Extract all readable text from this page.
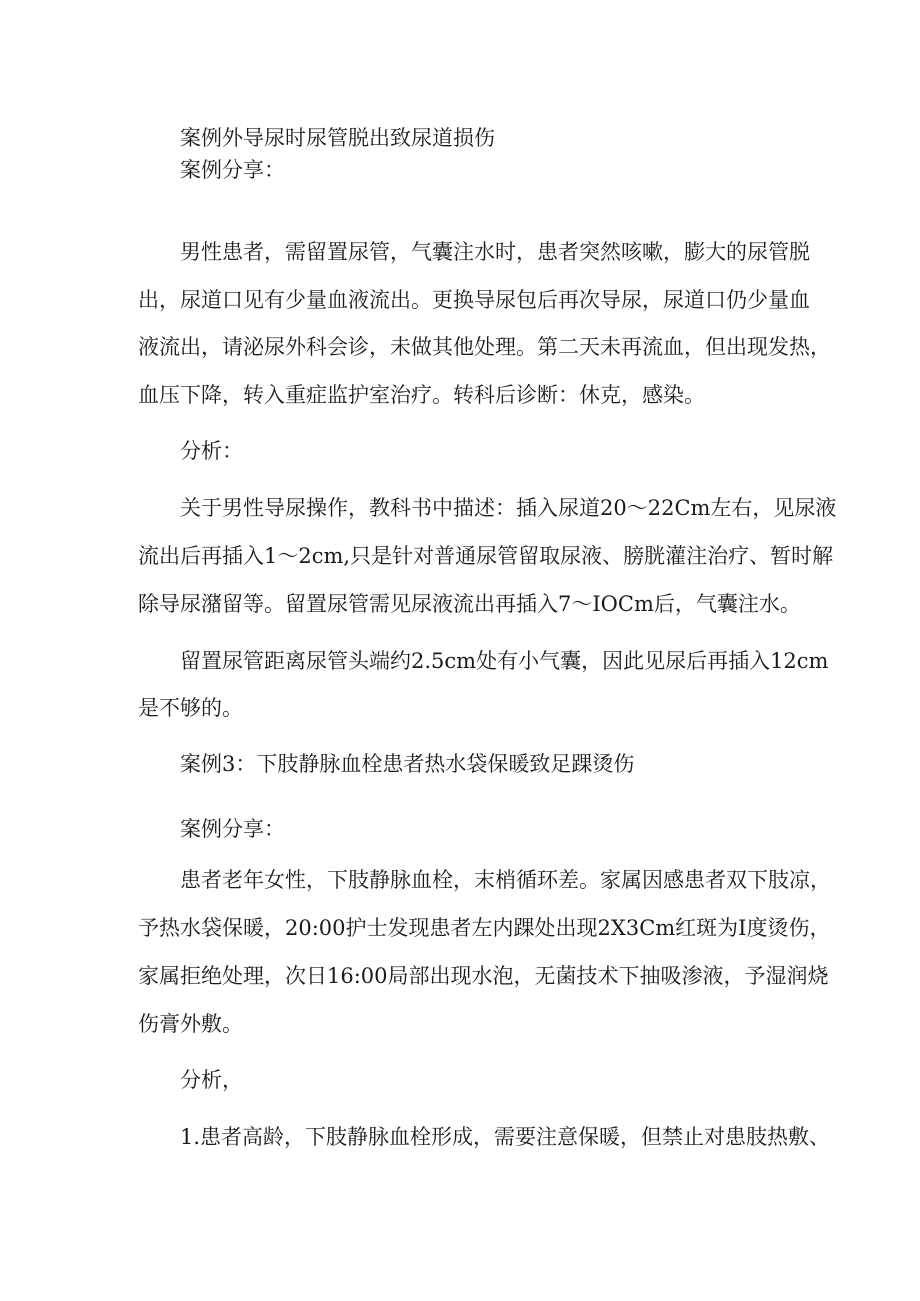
案例外导尿时尿管脱出致尿道损伤
案例分享：
男性患者，需留置尿管，气囊注水时，患者突然咳嗽，膨大的尿管脱
出，尿道口见有少量血液流出。更换导尿包后再次导尿，尿道口仍少量血
液流出，请泌尿外科会诊，未做其他处理。第二天未再流血，但出现发热，
血压下降，转入重症监护室治疗。转科后诊断：休克，感染。
分析：
关于男性导尿操作，教科书中描述：插入尿道20〜22Cm左右，见尿液
流出后再插入1〜2cm,只是针对普通尿管留取尿液、膀胱灌注治疗、暂时解
除导尿潴留等。留置尿管需见尿液流出再插入7〜IOCm后，气囊注水。
留置尿管距离尿管头端约2.5cm处有小气囊，因此见尿后再插入12cm
是不够的。
案例3：下肢静脉血栓患者热水袋保暖致足踝烫伤
案例分享：
患者老年女性，下肢静脉血栓，末梢循环差。家属因感患者双下肢凉，
予热水袋保暖，20:00护士发现患者左内踝处出现2X3Cm红斑为I度烫伤，
家属拒绝处理，次日16:00局部出现水泡，无菌技术下抽吸渗液，予湿润烧
伤膏外敷。
分析，
1.患者高龄，下肢静脉血栓形成，需要注意保暖，但禁止对患肢热敷、
